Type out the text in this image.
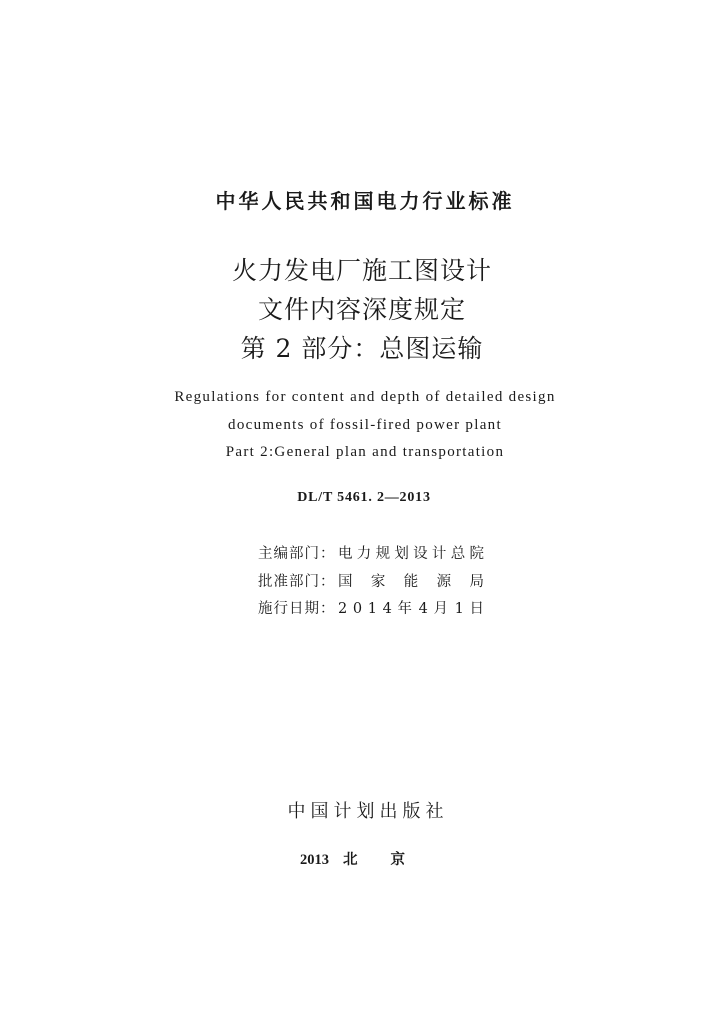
中华人民共和国电力行业标准
火力发电厂施工图设计
文件内容深度规定
第 2 部分：总图运输
Regulations for content and depth of detailed design
documents of fossil-fired power plant
Part 2:General plan and transportation
DL/T 5461. 2—2013
主编部门： 电力规划设计总院
批准部门： 国 家 能 源 局
施行日期： 2 0 1 4 年 4 月 1 日
中国计划出版社
2013 北 京
